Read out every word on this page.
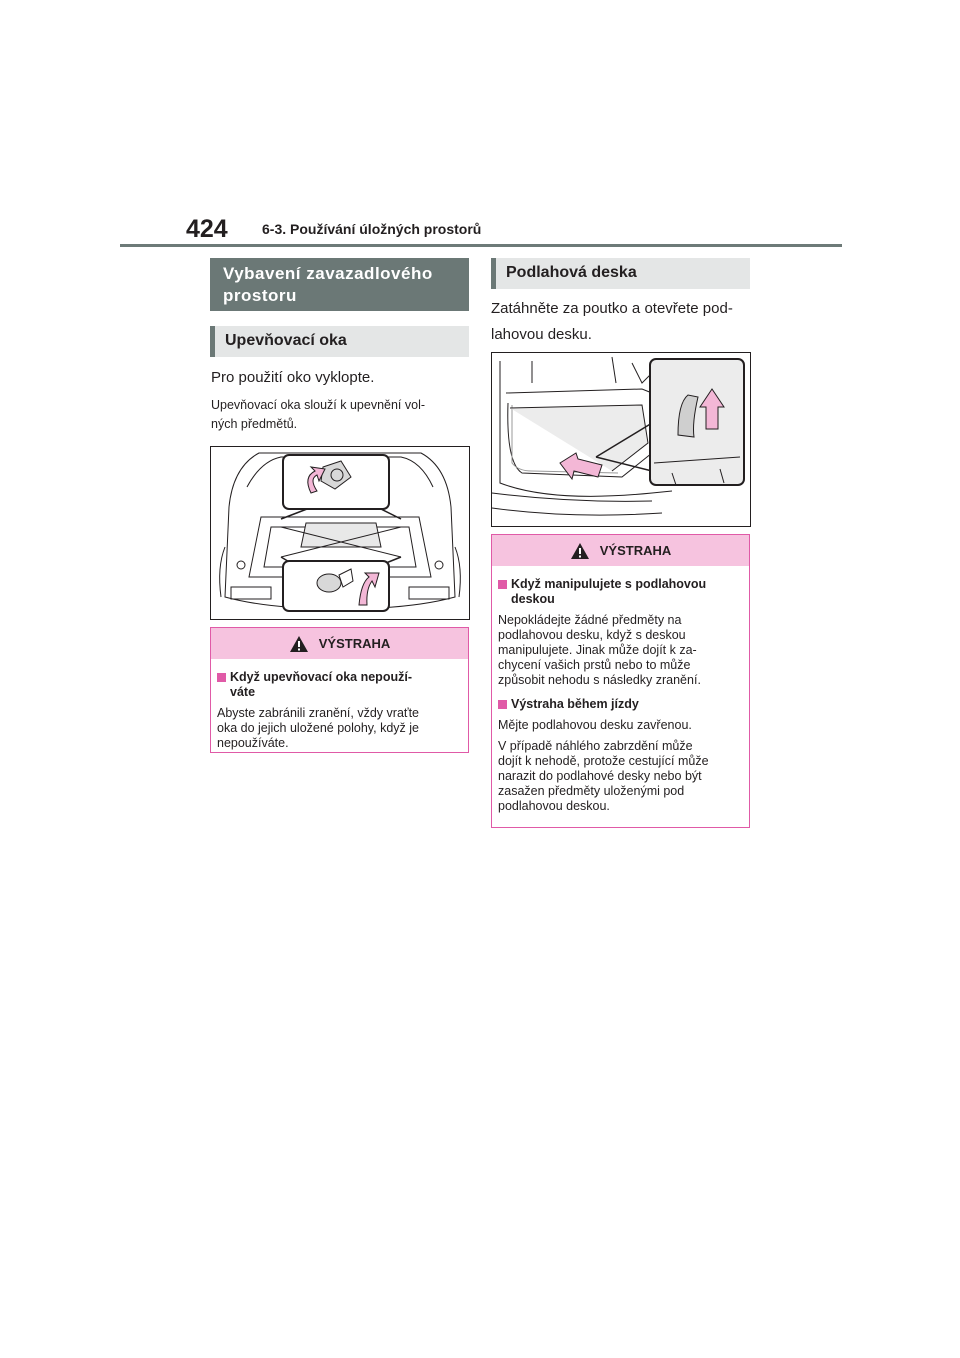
424 6-3. Používání úložných prostorů
Vybavení zavazadlového prostoru
Upevňovací oka
Pro použití oko vyklopte.
Upevňovací oka slouží k upevnění vol-
ných předmětů.
VÝSTRAHA
Když upevňovací oka nepouží-
váte

Abyste zabránili zranění, vždy vraťte
oka do jejich uložené polohy, když je
nepoužíváte.

Podlahová deska
Zatáhněte za poutko a otevřete pod-
lahovou desku.
VÝSTRAHA
Když manipulujete s podlahovou
deskou

Nepokládejte žádné předměty na
podlahovou desku, když s deskou
manipulujete. Jinak může dojít k za-
chycení vašich prstů nebo to může
způsobit nehodu s následky zranění.

Výstraha během jízdy

Mějte podlahovou desku zavřenou.

V případě náhlého zabrzdění může
dojít k nehodě, protože cestující může
narazit do podlahové desky nebo být
zasažen předměty uloženými pod
podlahovou deskou.
